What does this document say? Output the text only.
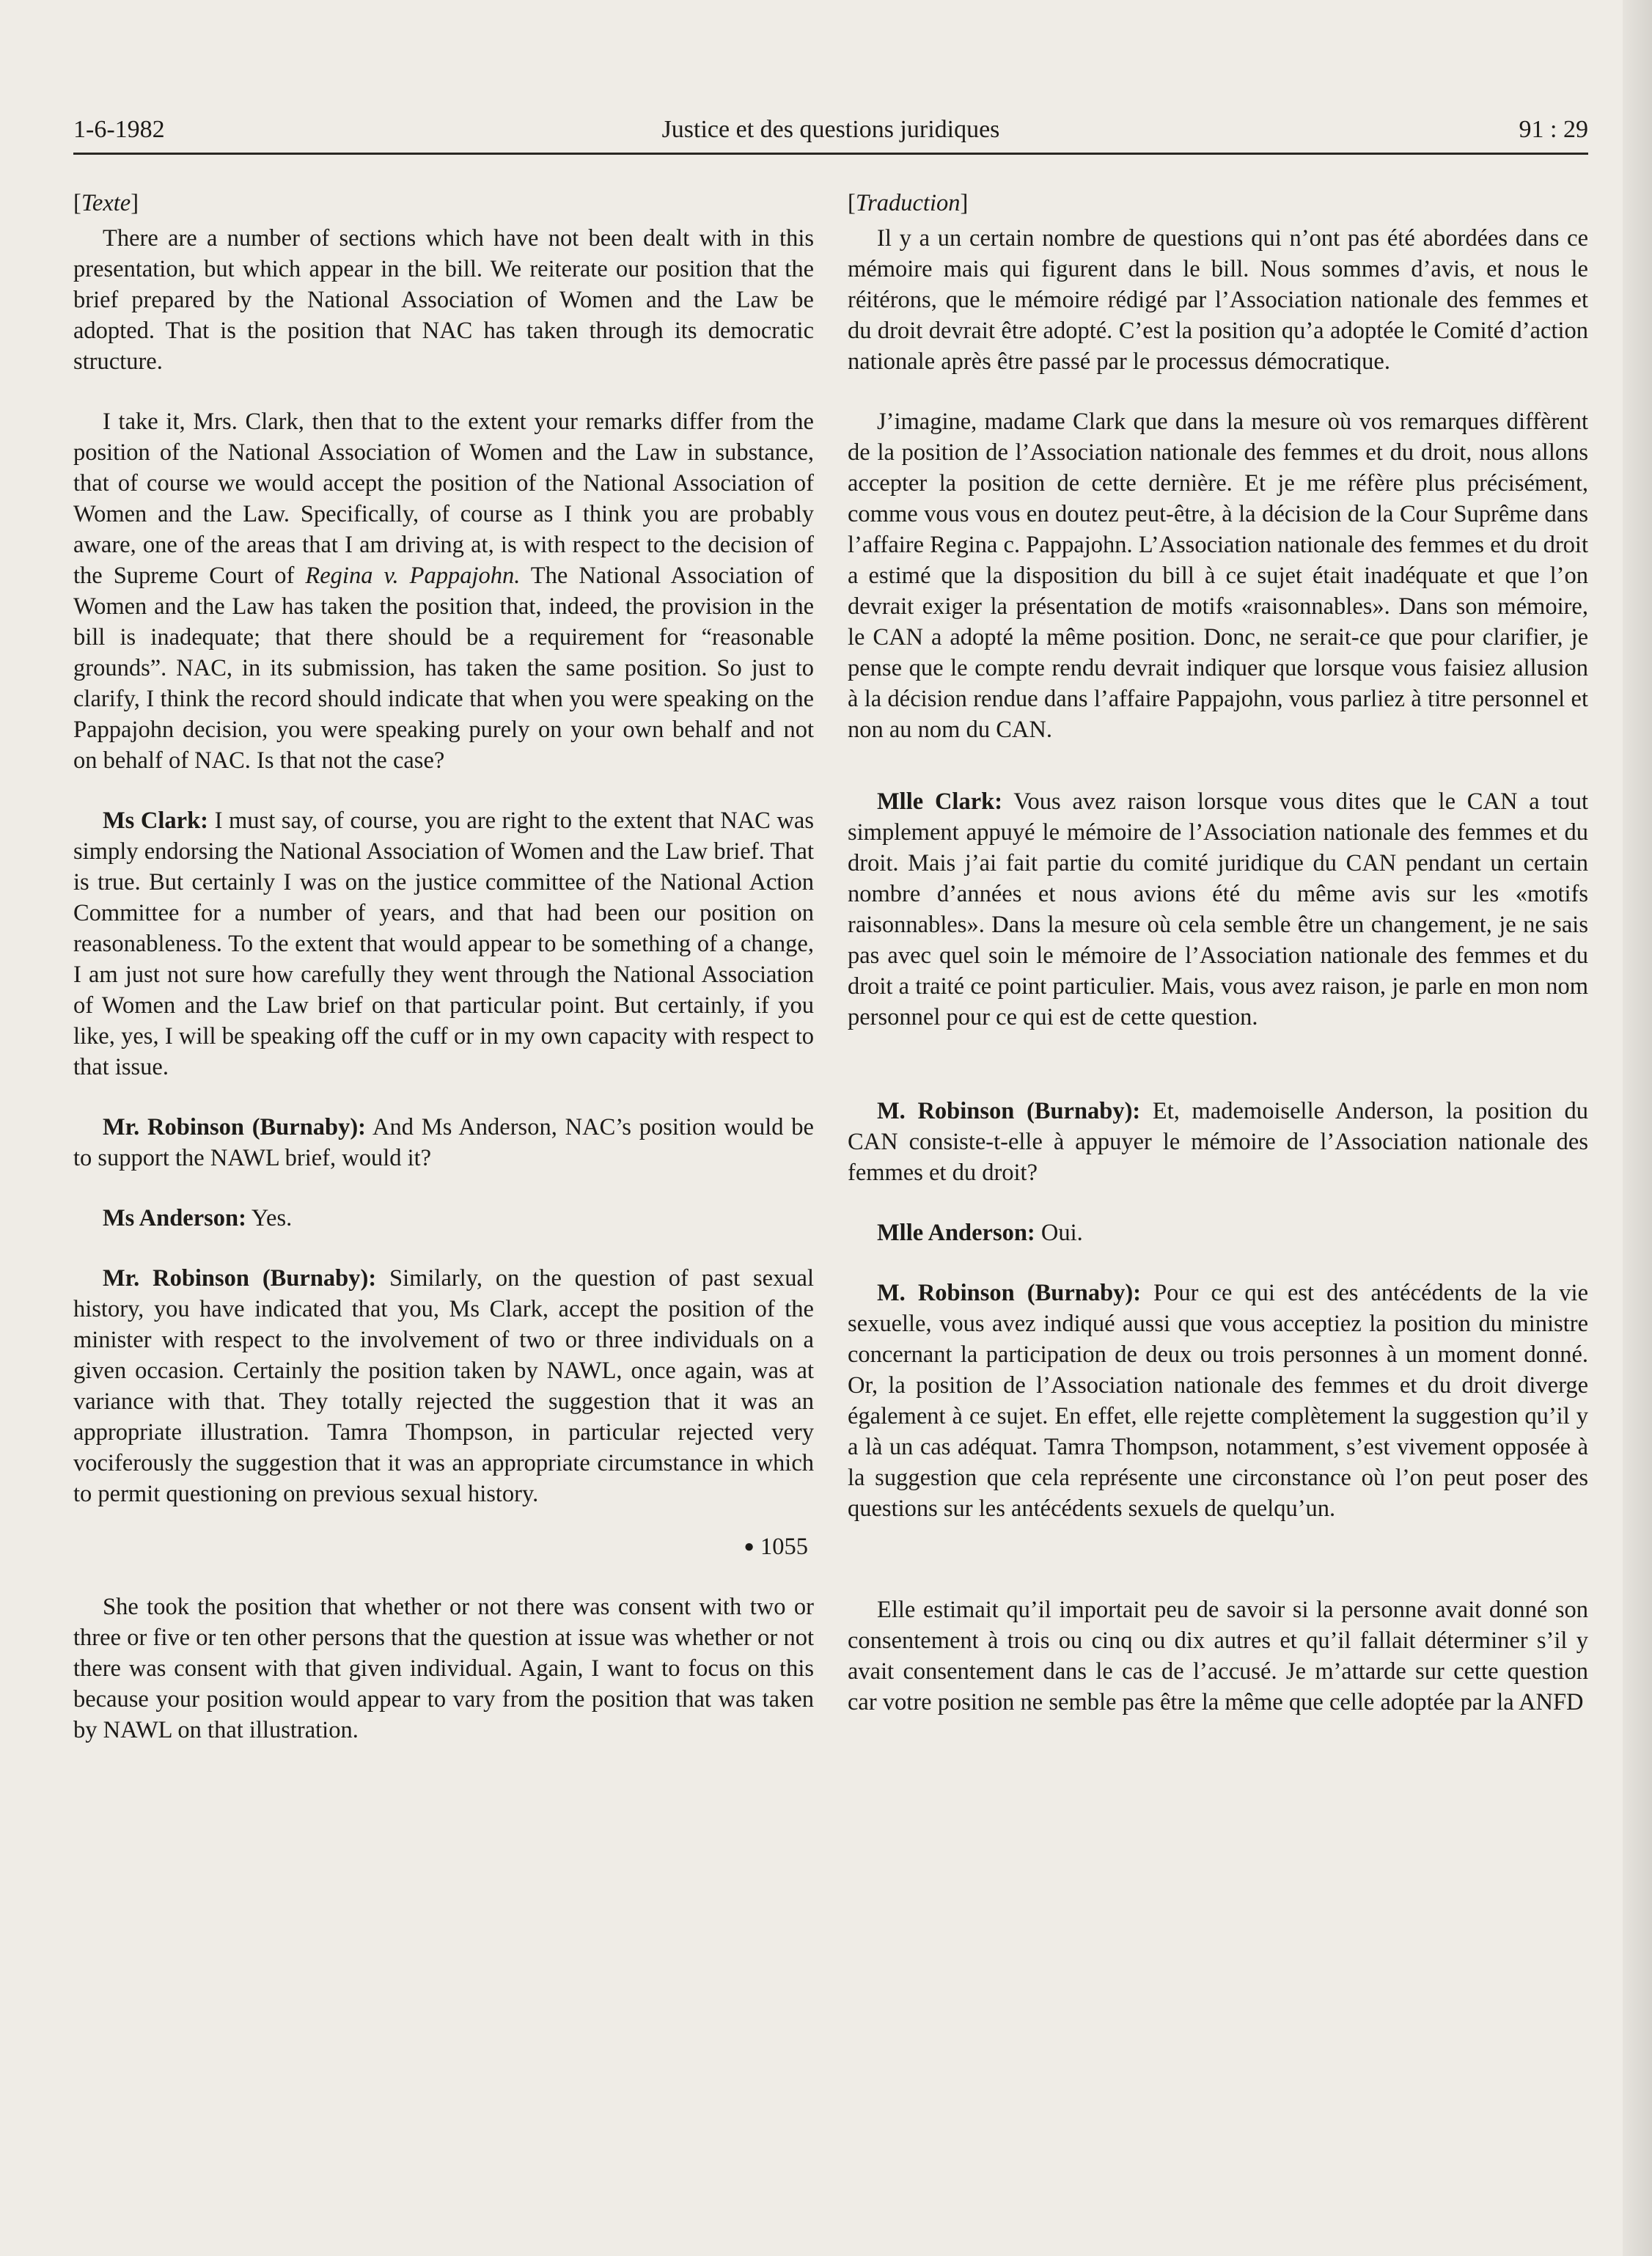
1-6-1982	Justice et des questions juridiques	91 : 29
[Texte]

There are a number of sections which have not been dealt with in this presentation, but which appear in the bill. We reiterate our position that the brief prepared by the National Association of Women and the Law be adopted. That is the position that NAC has taken through its democratic structure.

I take it, Mrs. Clark, then that to the extent your remarks differ from the position of the National Association of Women and the Law in substance, that of course we would accept the position of the National Association of Women and the Law. Specifically, of course as I think you are probably aware, one of the areas that I am driving at, is with respect to the decision of the Supreme Court of Regina v. Pappajohn. The National Association of Women and the Law has taken the position that, indeed, the provision in the bill is inadequate; that there should be a requirement for “reasonable grounds”. NAC, in its submission, has taken the same position. So just to clarify, I think the record should indicate that when you were speaking on the Pappajohn decision, you were speaking purely on your own behalf and not on behalf of NAC. Is that not the case?

Ms Clark: I must say, of course, you are right to the extent that NAC was simply endorsing the National Association of Women and the Law brief. That is true. But certainly I was on the justice committee of the National Action Committee for a number of years, and that had been our position on reasonableness. To the extent that would appear to be something of a change, I am just not sure how carefully they went through the National Association of Women and the Law brief on that particular point. But certainly, if you like, yes, I will be speaking off the cuff or in my own capacity with respect to that issue.

Mr. Robinson (Burnaby): And Ms Anderson, NAC’s position would be to support the NAWL brief, would it?

Ms Anderson: Yes.

Mr. Robinson (Burnaby): Similarly, on the question of past sexual history, you have indicated that you, Ms Clark, accept the position of the minister with respect to the involvement of two or three individuals on a given occasion. Certainly the position taken by NAWL, once again, was at variance with that. They totally rejected the suggestion that it was an appropriate illustration. Tamra Thompson, in particular rejected very vociferously the suggestion that it was an appropriate circumstance in which to permit questioning on previous sexual history.

● 1055

She took the position that whether or not there was consent with two or three or five or ten other persons that the question at issue was whether or not there was consent with that given individual. Again, I want to focus on this because your position would appear to vary from the position that was taken by NAWL on that illustration.

[Traduction]

Il y a un certain nombre de questions qui n’ont pas été abordées dans ce mémoire mais qui figurent dans le bill. Nous sommes d’avis, et nous le réitérons, que le mémoire rédigé par l’Association nationale des femmes et du droit devrait être adopté. C’est la position qu’a adoptée le Comité d’action nationale après être passé par le processus démocratique.

J’imagine, madame Clark que dans la mesure où vos remarques diffèrent de la position de l’Association nationale des femmes et du droit, nous allons accepter la position de cette dernière. Et je me réfère plus précisément, comme vous vous en doutez peut-être, à la décision de la Cour Suprême dans l’affaire Regina c. Pappajohn. L’Association nationale des femmes et du droit a estimé que la disposition du bill à ce sujet était inadéquate et que l’on devrait exiger la présentation de motifs «raisonnables». Dans son mémoire, le CAN a adopté la même position. Donc, ne serait-ce que pour clarifier, je pense que le compte rendu devrait indiquer que lorsque vous faisiez allusion à la décision rendue dans l’affaire Pappajohn, vous parliez à titre personnel et non au nom du CAN.

Mlle Clark: Vous avez raison lorsque vous dites que le CAN a tout simplement appuyé le mémoire de l’Association nationale des femmes et du droit. Mais j’ai fait partie du comité juridique du CAN pendant un certain nombre d’années et nous avions été du même avis sur les «motifs raisonnables». Dans la mesure où cela semble être un changement, je ne sais pas avec quel soin le mémoire de l’Association nationale des femmes et du droit a traité ce point particulier. Mais, vous avez raison, je parle en mon nom personnel pour ce qui est de cette question.

M. Robinson (Burnaby): Et, mademoiselle Anderson, la position du CAN consiste-t-elle à appuyer le mémoire de l’Association nationale des femmes et du droit?

Mlle Anderson: Oui.

M. Robinson (Burnaby): Pour ce qui est des antécédents de la vie sexuelle, vous avez indiqué aussi que vous acceptiez la position du ministre concernant la participation de deux ou trois personnes à un moment donné. Or, la position de l’Association nationale des femmes et du droit diverge également à ce sujet. En effet, elle rejette complètement la suggestion qu’il y a là un cas adéquat. Tamra Thompson, notamment, s’est vivement opposée à la suggestion que cela représente une circonstance où l’on peut poser des questions sur les antécédents sexuels de quelqu’un.

Elle estimait qu’il importait peu de savoir si la personne avait donné son consentement à trois ou cinq ou dix autres et qu’il fallait déterminer s’il y avait consentement dans le cas de l’accusé. Je m’attarde sur cette question car votre position ne semble pas être la même que celle adoptée par la ANFD
